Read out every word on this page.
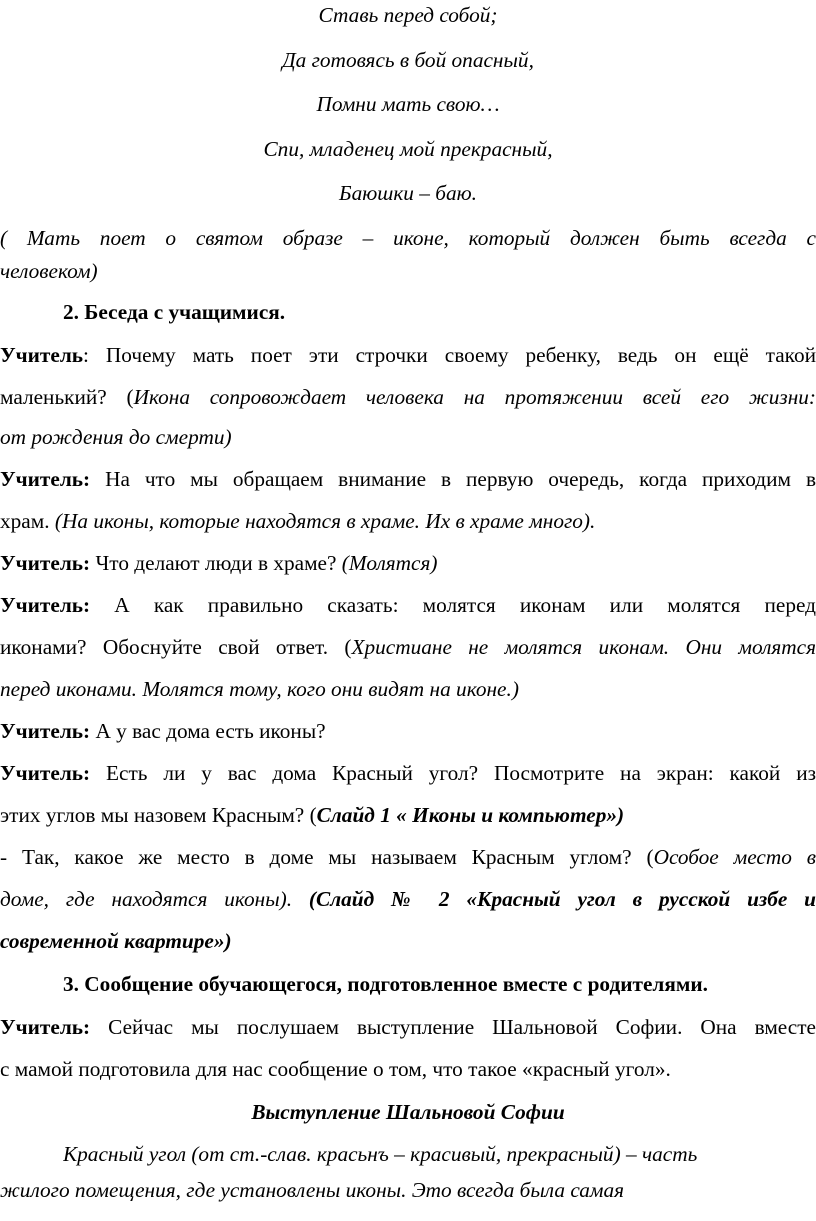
Ставь перед собой;
Да готовясь в бой опасный,
Помни мать свою…
Спи, младенец мой прекрасный,
Баюшки – баю.
( Мать поет о святом образе – иконе, который должен быть всегда с
человеком)
2. Беседа с учащимися.
Учитель: Почему мать поет эти строчки своему ребенку, ведь он ещё такой
маленький? (Икона сопровождает человека на протяжении всей его жизни:
от рождения до смерти)
Учитель: На что мы обращаем внимание в первую очередь, когда приходим в
храм. (На иконы, которые находятся в храме. Их в храме много).
Учитель: Что делают люди в храме? (Молятся)
Учитель: А как правильно сказать: молятся иконам или молятся перед
иконами? Обоснуйте свой ответ. (Христиане не молятся иконам. Они молятся
перед иконами. Молятся тому, кого они видят на иконе.)
Учитель: А у вас дома есть иконы?
Учитель: Есть ли у вас дома Красный угол? Посмотрите на экран: какой из
этих углов мы назовем Красным? (Слайд 1 « Иконы и компьютер»)
- Так, какое же место в доме мы называем Красным углом? (Особое место в
доме, где находятся иконы). (Слайд № 2 «Красный угол в русской избе и
современной квартире»)
3. Сообщение обучающегося, подготовленное вместе с родителями.
Учитель: Сейчас мы послушаем выступление Шальновой Софии. Она вместе
с мамой подготовила для нас сообщение о том, что такое «красный угол».
Выступление Шальновой Софии
Красный угол (от ст.-слав. красьнъ – красивый, прекрасный) – часть
жилого помещения, где установлены иконы. Это всегда была самая
